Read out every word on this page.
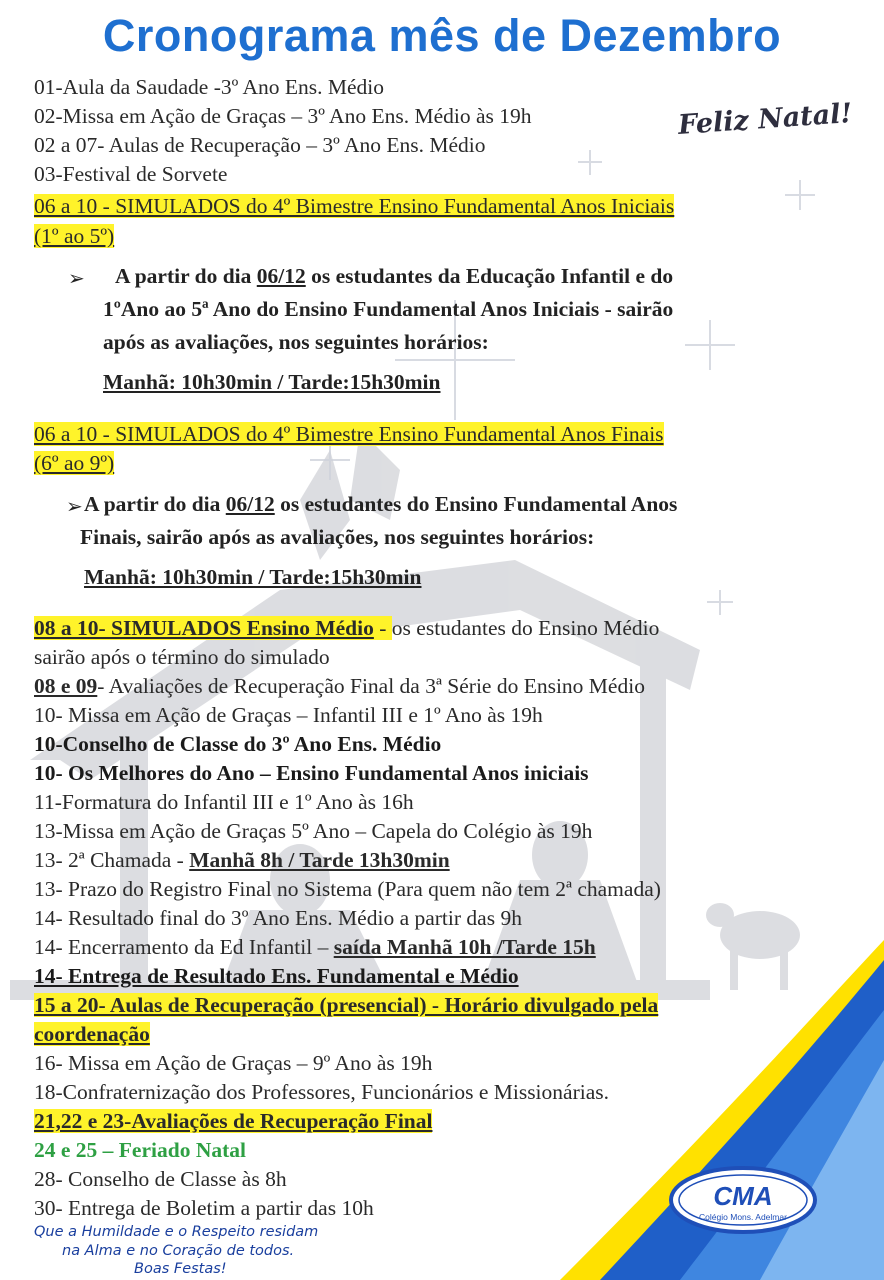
Cronograma mês de Dezembro
Feliz Natal!
01-Aula da Saudade -3º Ano Ens. Médio
02-Missa em Ação de Graças – 3º Ano Ens. Médio às 19h
02 a 07- Aulas de Recuperação – 3º Ano Ens. Médio
03-Festival de Sorvete
06 a 10 - SIMULADOS do 4º Bimestre Ensino Fundamental Anos Iniciais
(1º ao 5º)
➢ A partir do dia 06/12 os estudantes da Educação Infantil e do
1ºAno ao 5ª Ano do Ensino Fundamental Anos Iniciais - sairão
após as avaliações, nos seguintes horários:
Manhã: 10h30min / Tarde:15h30min
06 a 10 - SIMULADOS do 4º Bimestre Ensino Fundamental Anos Finais
(6º ao 9º)
➢ A partir do dia 06/12 os estudantes do Ensino Fundamental Anos
Finais, sairão após as avaliações, nos seguintes horários:
Manhã: 10h30min / Tarde:15h30min
08 a 10- SIMULADOS Ensino Médio - os estudantes do Ensino Médio
sairão após o término do simulado
08 e 09- Avaliações de Recuperação Final da 3ª Série do Ensino Médio
10- Missa em Ação de Graças – Infantil III e 1º Ano às 19h
10-Conselho de Classe do 3º Ano Ens. Médio
10- Os Melhores do Ano – Ensino Fundamental Anos iniciais
11-Formatura do Infantil III e 1º Ano às 16h
13-Missa em Ação de Graças 5º Ano – Capela do Colégio às 19h
13- 2ª Chamada - Manhã 8h / Tarde 13h30min
13- Prazo do Registro Final no Sistema (Para quem não tem 2ª chamada)
14- Resultado final do 3º Ano Ens. Médio a partir das 9h
14- Encerramento da Ed Infantil – saída Manhã 10h /Tarde 15h
14- Entrega de Resultado Ens. Fundamental e Médio
15 a 20- Aulas de Recuperação (presencial) - Horário divulgado pela
coordenação
16- Missa em Ação de Graças – 9º Ano às 19h
18-Confraternização dos Professores, Funcionários e Missionárias.
21,22 e 23-Avaliações de Recuperação Final
24 e 25 – Feriado Natal
28- Conselho de Classe às 8h
30- Entrega de Boletim a partir das 10h
Que a Humildade e o Respeito residam
na Alma e no Coração de todos.
Boas Festas!
CMA
Colégio Mons. Adelmar
